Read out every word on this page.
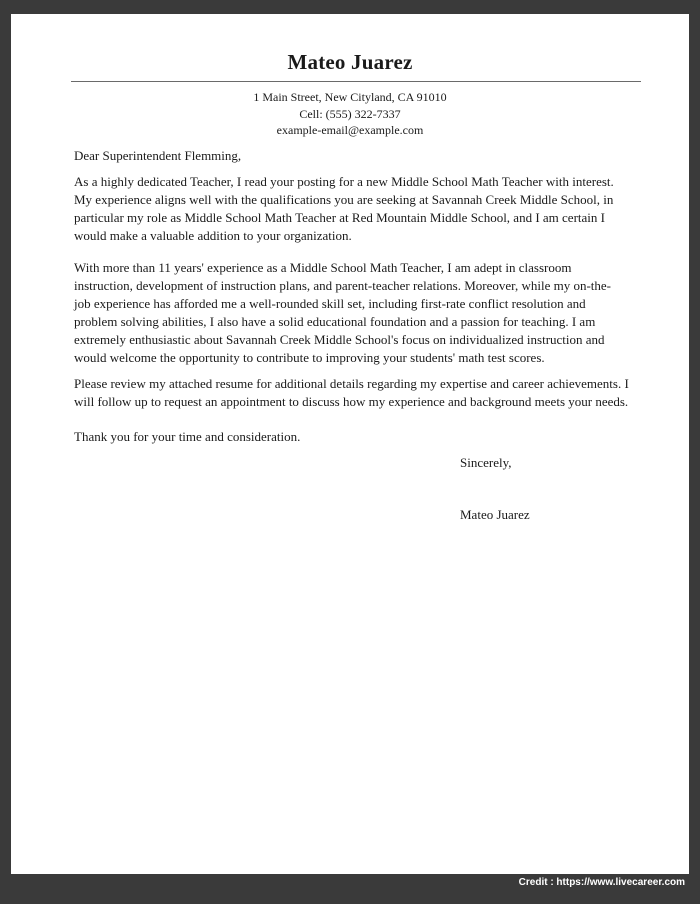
Mateo Juarez
1 Main Street, New Cityland, CA 91010
Cell: (555) 322-7337
example-email@example.com
Dear Superintendent Flemming,
As a highly dedicated Teacher, I read your posting for a new Middle School Math Teacher with interest.
My experience aligns well with the qualifications you are seeking at Savannah Creek Middle School, in
particular my role as Middle School Math Teacher at Red Mountain Middle School, and I am certain I
would make a valuable addition to your organization.
With more than 11 years' experience as a Middle School Math Teacher, I am adept in classroom
instruction, development of instruction plans, and parent-teacher relations. Moreover, while my on-the-
job experience has afforded me a well-rounded skill set, including first-rate conflict resolution and
problem solving abilities, I also have a solid educational foundation and a passion for teaching. I am
extremely enthusiastic about Savannah Creek Middle School's focus on individualized instruction and
would welcome the opportunity to contribute to improving your students' math test scores.
Please review my attached resume for additional details regarding my expertise and career achievements. I
will follow up to request an appointment to discuss how my experience and background meets your needs.
Thank you for your time and consideration.
Sincerely,
Mateo Juarez
Credit : https://www.livecareer.com
